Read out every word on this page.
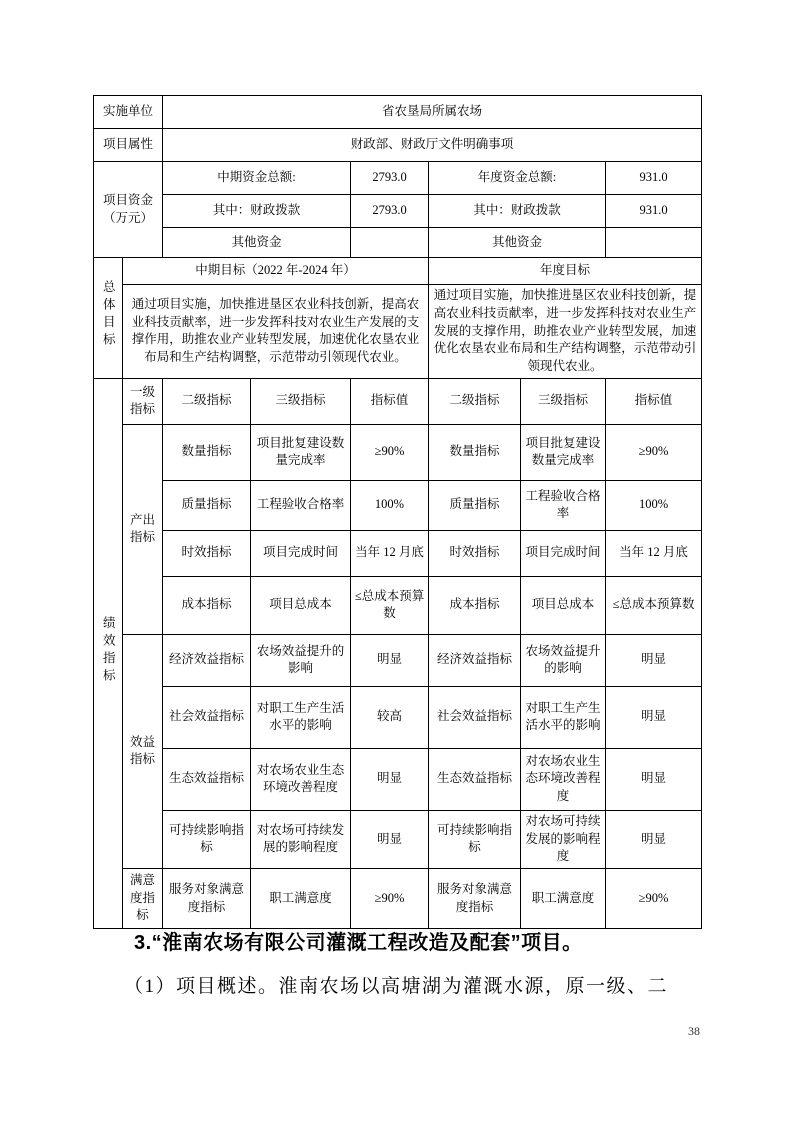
实施单位		省农垦局所属农场					
项目属性		财政部、财政厅文件明确事项					
项目资金（万元）		中期资金总额:		2793.0	年度资金总额:		931.0
		其中：财政拨款		2793.0	其中：财政拨款		931.0
		其他资金			其他资金		
总体目标	中期目标（2022 年-2024 年）				年度目标		
	通过项目实施，加快推进垦区农业科技创新，提高农业科技贡献率，进一步发挥科技对农业生产发展的支撑作用，助推农业产业转型发展，加速优化农垦农业布局和生产结构调整，示范带动引领现代农业。				通过项目实施，加快推进垦区农业科技创新，提高农业科技贡献率，进一步发挥科技对农业生产发展的支撑作用，助推农业产业转型发展，加速优化农垦农业布局和生产结构调整，示范带动引领现代农业。		
绩效指标	一级指标	二级指标	三级指标	指标值	二级指标	三级指标	指标值
	产出指标	数量指标	项目批复建设数量完成率	≥90%	数量指标	项目批复建设数量完成率	≥90%
		质量指标	工程验收合格率	100%	质量指标	工程验收合格率	100%
		时效指标	项目完成时间	当年 12 月底	时效指标	项目完成时间	当年 12 月底
		成本指标	项目总成本	≤总成本预算数	成本指标	项目总成本	≤总成本预算数
	效益指标	经济效益指标	农场效益提升的影响	明显	经济效益指标	农场效益提升的影响	明显
		社会效益指标	对职工生产生活水平的影响	较高	社会效益指标	对职工生产生活水平的影响	明显
		生态效益指标	对农场农业生态环境改善程度	明显	生态效益指标	对农场农业生态环境改善程度	明显
		可持续影响指标	对农场可持续发展的影响程度	明显	可持续影响指标	对农场可持续发展的影响程度	明显
	满意度指标	服务对象满意度指标	职工满意度	≥90%	服务对象满意度指标	职工满意度	≥90%
3.“淮南农场有限公司灌溉工程改造及配套”项目。
（1）项目概述。淮南农场以高塘湖为灌溉水源，原一级、二
38
